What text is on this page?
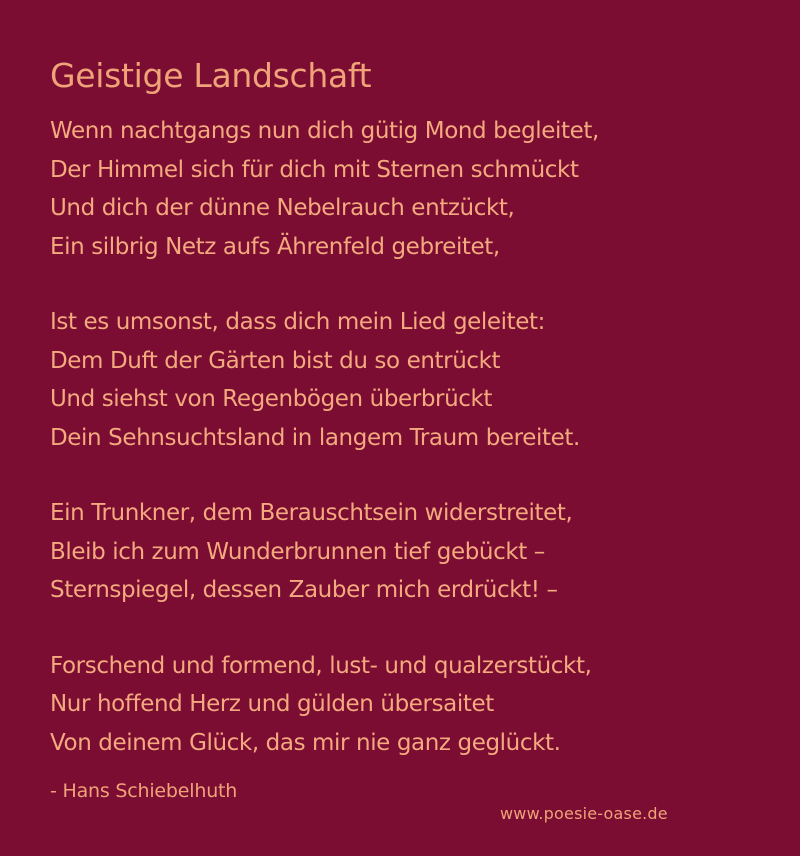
Geistige Landschaft
Wenn nachtgangs nun dich gütig Mond begleitet,
Der Himmel sich für dich mit Sternen schmückt
Und dich der dünne Nebelrauch entzückt,
Ein silbrig Netz aufs Ährenfeld gebreitet,
Ist es umsonst, dass dich mein Lied geleitet:
Dem Duft der Gärten bist du so entrückt
Und siehst von Regenbögen überbrückt
Dein Sehnsuchtsland in langem Traum bereitet.
Ein Trunkner, dem Berauschtsein widerstreitet,
Bleib ich zum Wunderbrunnen tief gebückt –
Sternspiegel, dessen Zauber mich erdrückt! –
Forschend und formend, lust- und qualzerstückt,
Nur hoffend Herz und gülden übersaitet
Von deinem Glück, das mir nie ganz geglückt.
- Hans Schiebelhuth
www.poesie-oase.de
